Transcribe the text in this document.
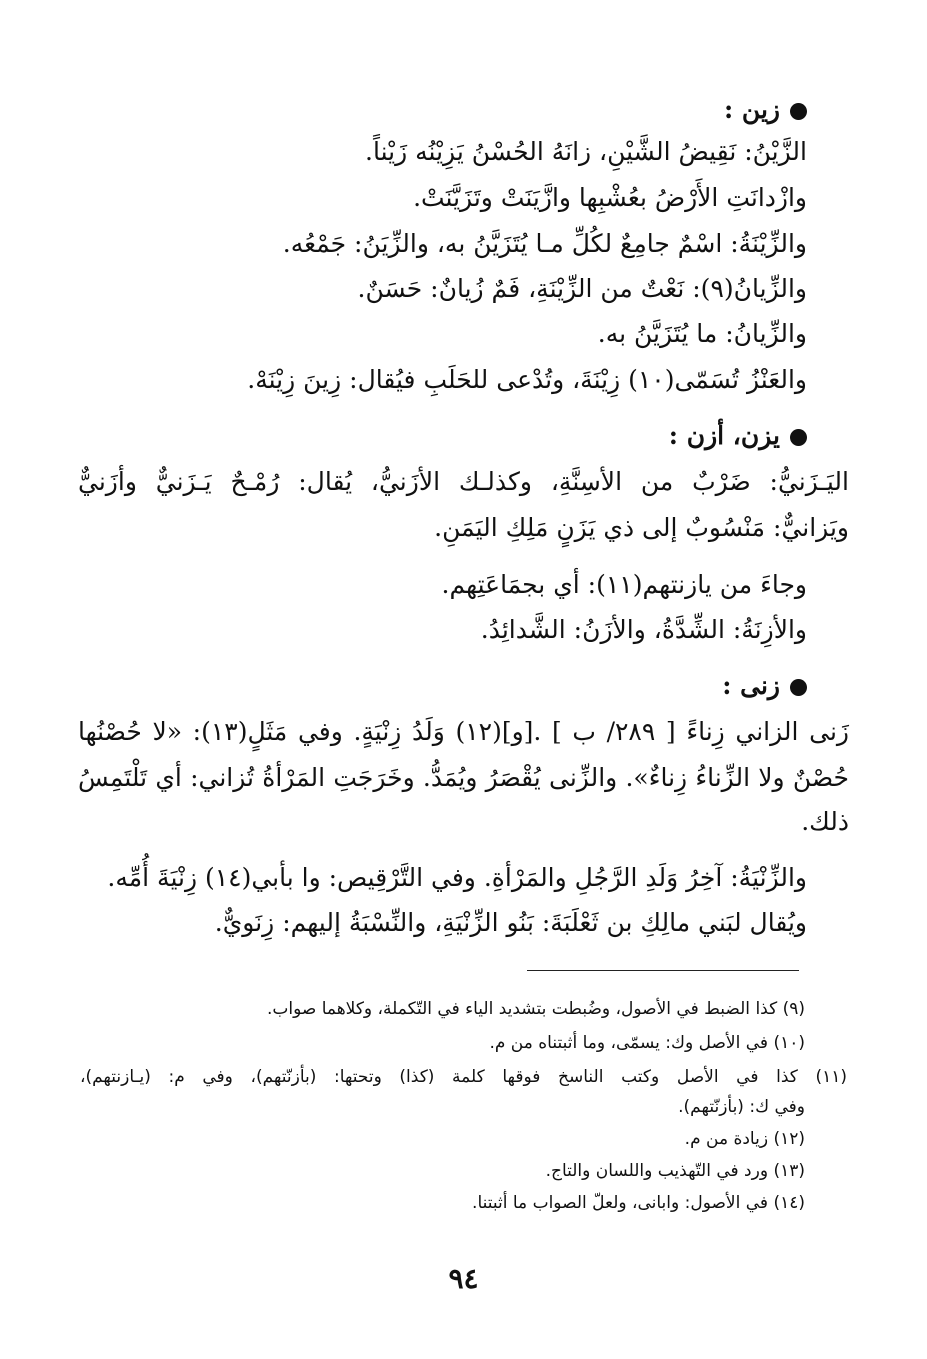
زين :
الزَّيْنُ: نَقِيضُ الشَّيْنِ، زانَهُ الحُسْنُ يَزِيْنُه زَيْناً.
وازْدانَتِ الأَرْضُ بعُشْبِها وازَّيَنَتْ وتَزَيَّنَتْ.
والزِّيْنَةُ: اسْمٌ جامِعٌ لكُلِّ مـا يُتَزَيَّنُ به، والزِّيَنُ: جَمْعُه.
والزِّيانُ(٩): نَعْتٌ من الزِّيْنَةِ، فَمٌ زُيانٌ: حَسَنٌ.
والزِّيانُ: ما يُتَزَيَّنُ به.
والعَنْزُ تُسَمّى(١٠) زِيْنَةَ، وتُدْعى للحَلَبِ فيُقال: زِينَ زِيْنَهْ.
يزن، أزن :
اليَـزَنيُّ: ضَرْبٌ من الأسِنَّةِ، وكذلـك الأزَنيُّ، يُقال: رُمْـحٌ يَـزَنيٌّ وأزَنيٌّ
ويَزانيٌّ: مَنْسُوبٌ إلى ذي يَزَنٍ مَلِكِ اليَمَنِ.
وجاءَ من يازنتهم(١١): أي بجمَاعَتِهم.
والأزِنَةُ: الشِّدَّةُ، والأزَنُ: الشَّدائِدُ.
زنى :
زَنى الزاني زِناءً [ ٢٨٩/ ب ] .[و](١٢) وَلَدُ زِنْيَةٍ. وفي مَثَلٍ(١٣): «لا حُصْنُها
حُصْنٌ ولا الزِّناءُ زِناءٌ». والزِّنى يُقْصَرُ ويُمَدُّ. وخَرَجَتِ المَرْأةُ تُزاني: أي تَلْتَمِسُ
ذلك.
والزِّنْيَةُ: آخِرُ وَلَدِ الرَّجُلِ والمَرْأةِ. وفي التَّرْقِيص: وا بأبي(١٤) زِنْيَةَ أُمِّه.
ويُقال لبَني مالِكِ بن ثَعْلَبَةَ: بَنُو الزِّنْيَةِ، والنِّسْبَةُ إليهم: زِنَويٌّ.
(٩) كذا الضبط في الأصول، وضُبطت بتشديد الياء في التّكملة، وكلاهما صواب.
(١٠) في الأصل وك: يسمّى، وما أثبتناه من م.
(١١) كذا في الأصل وكتب الناسخ فوقها كلمة (كذا) وتحتها: (بأزنّتهم)، وفي م: (يـازنتهم)،
وفي ك: (بأزنّتهم).
(١٢) زيادة من م.
(١٣) ورد في التّهذيب واللسان والتاج.
(١٤) في الأصول: وابانى، ولعلّ الصواب ما أثبتنا.
٩٤
